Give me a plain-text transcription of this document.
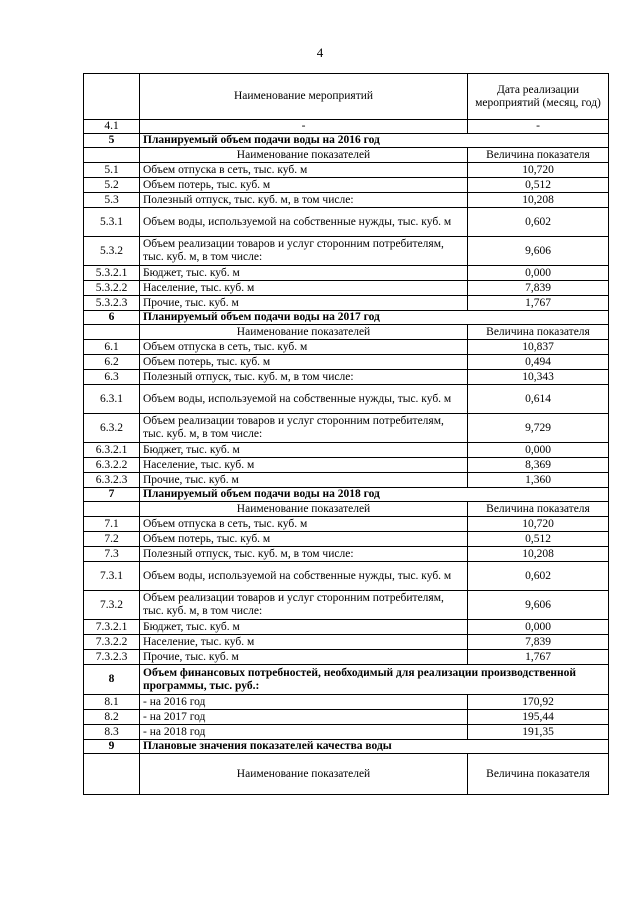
4
	Наименование мероприятий	Дата реализации мероприятий (месяц, год)
4.1	-	-
5	Планируемый объем подачи воды на 2016 год	
	Наименование показателей	Величина показателя
5.1	Объем отпуска в сеть, тыс. куб. м	10,720
5.2	Объем потерь, тыс. куб. м	0,512
5.3	Полезный отпуск, тыс. куб. м, в том числе:	10,208
5.3.1	Объем воды, используемой на собственные нужды, тыс. куб. м	0,602
5.3.2	Объем реализации товаров и услуг сторонним потребителям, тыс. куб. м, в том числе:	9,606
5.3.2.1	Бюджет, тыс. куб. м	0,000
5.3.2.2	Население, тыс. куб. м	7,839
5.3.2.3	Прочие, тыс. куб. м	1,767
6	Планируемый объем подачи воды на 2017 год	
	Наименование показателей	Величина показателя
6.1	Объем отпуска в сеть, тыс. куб. м	10,837
6.2	Объем потерь, тыс. куб. м	0,494
6.3	Полезный отпуск, тыс. куб. м, в том числе:	10,343
6.3.1	Объем воды, используемой на собственные нужды, тыс. куб. м	0,614
6.3.2	Объем реализации товаров и услуг сторонним потребителям, тыс. куб. м, в том числе:	9,729
6.3.2.1	Бюджет, тыс. куб. м	0,000
6.3.2.2	Население, тыс. куб. м	8,369
6.3.2.3	Прочие, тыс. куб. м	1,360
7	Планируемый объем подачи воды на 2018 год	
	Наименование показателей	Величина показателя
7.1	Объем отпуска в сеть, тыс. куб. м	10,720
7.2	Объем потерь, тыс. куб. м	0,512
7.3	Полезный отпуск, тыс. куб. м, в том числе:	10,208
7.3.1	Объем воды, используемой на собственные нужды, тыс. куб. м	0,602
7.3.2	Объем реализации товаров и услуг сторонним потребителям, тыс. куб. м, в том числе:	9,606
7.3.2.1	Бюджет, тыс. куб. м	0,000
7.3.2.2	Население, тыс. куб. м	7,839
7.3.2.3	Прочие, тыс. куб. м	1,767
8	Объем финансовых потребностей, необходимый для реализации производственной программы, тыс. руб.:	
8.1	- на 2016 год	170,92
8.2	- на 2017 год	195,44
8.3	- на 2018 год	191,35
9	Плановые значения показателей качества воды	
	Наименование показателей	Величина показателя
